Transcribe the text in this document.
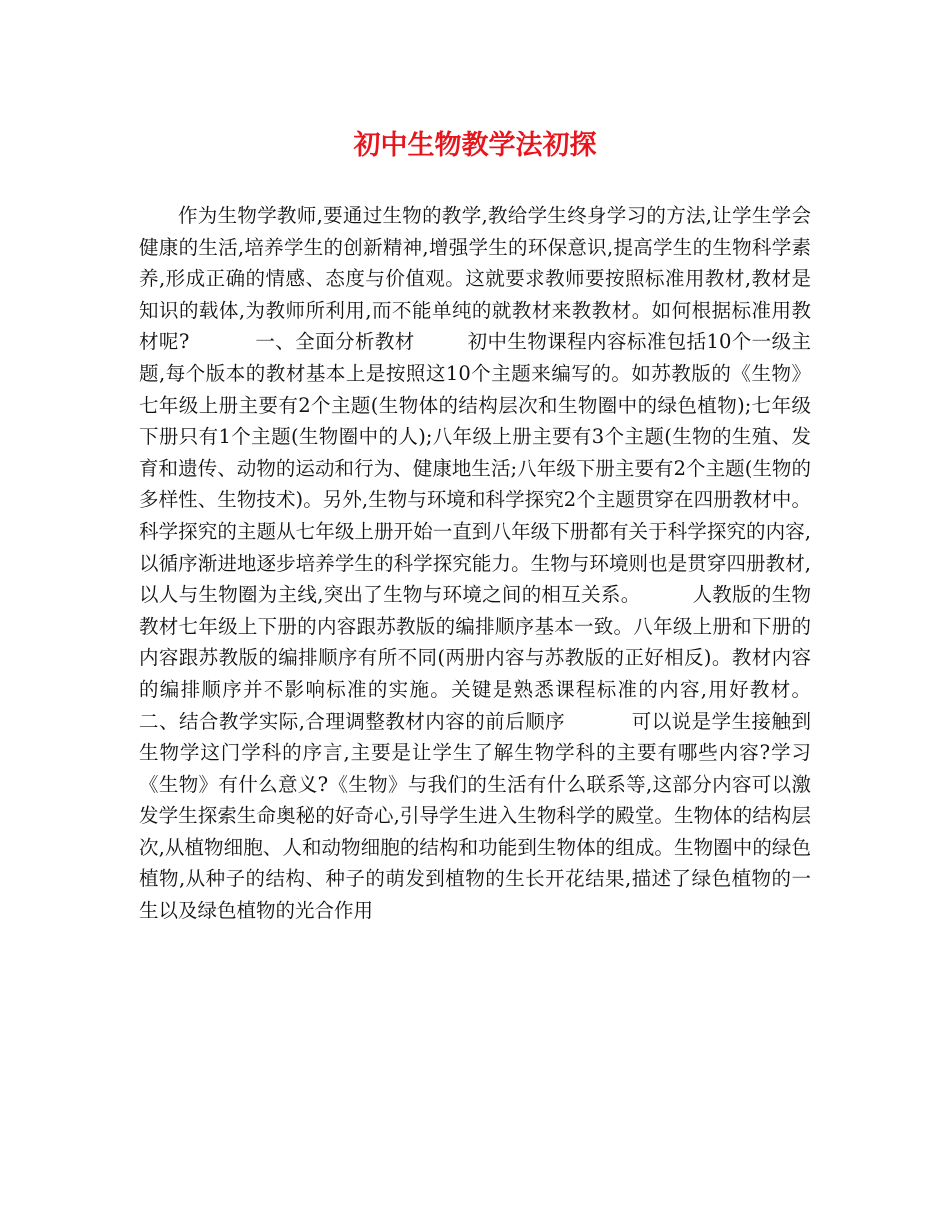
初中生物教学法初探

作为生物学教师,要通过生物的教学,教给学生终身学习的方法,让学生学会健康的生活,培养学生的创新精神,增强学生的环保意识,提高学生的生物科学素养,形成正确的情感、态度与价值观。这就要求教师要按照标准用教材,教材是知识的载体,为教师所利用,而不能单纯的就教材来教教材。如何根据标准用教材呢?          一、全面分析教材        初中生物课程内容标准包括10个一级主题,每个版本的教材基本上是按照这10个主题来编写的。如苏教版的《生物》七年级上册主要有2个主题(生物体的结构层次和生物圈中的绿色植物);七年级下册只有1个主题(生物圈中的人);八年级上册主要有3个主题(生物的生殖、发育和遗传、动物的运动和行为、健康地生活;八年级下册主要有2个主题(生物的多样性、生物技术)。另外,生物与环境和科学探究2个主题贯穿在四册教材中。科学探究的主题从七年级上册开始一直到八年级下册都有关于科学探究的内容,以循序渐进地逐步培养学生的科学探究能力。生物与环境则也是贯穿四册教材,以人与生物圈为主线,突出了生物与环境之间的相互关系。        人教版的生物教材七年级上下册的内容跟苏教版的编排顺序基本一致。八年级上册和下册的内容跟苏教版的编排顺序有所不同(两册内容与苏教版的正好相反)。教材内容的编排顺序并不影响标准的实施。关键是熟悉课程标准的内容,用好教材。          二、结合教学实际,合理调整教材内容的前后顺序          可以说是学生接触到生物学这门学科的序言,主要是让学生了解生物学科的主要有哪些内容?学习《生物》有什么意义?《生物》与我们的生活有什么联系等,这部分内容可以激发学生探索生命奥秘的好奇心,引导学生进入生物科学的殿堂。生物体的结构层次,从植物细胞、人和动物细胞的结构和功能到生物体的组成。生物圈中的绿色植物,从种子的结构、种子的萌发到植物的生长开花结果,描述了绿色植物的一生以及绿色植物的光合作用
